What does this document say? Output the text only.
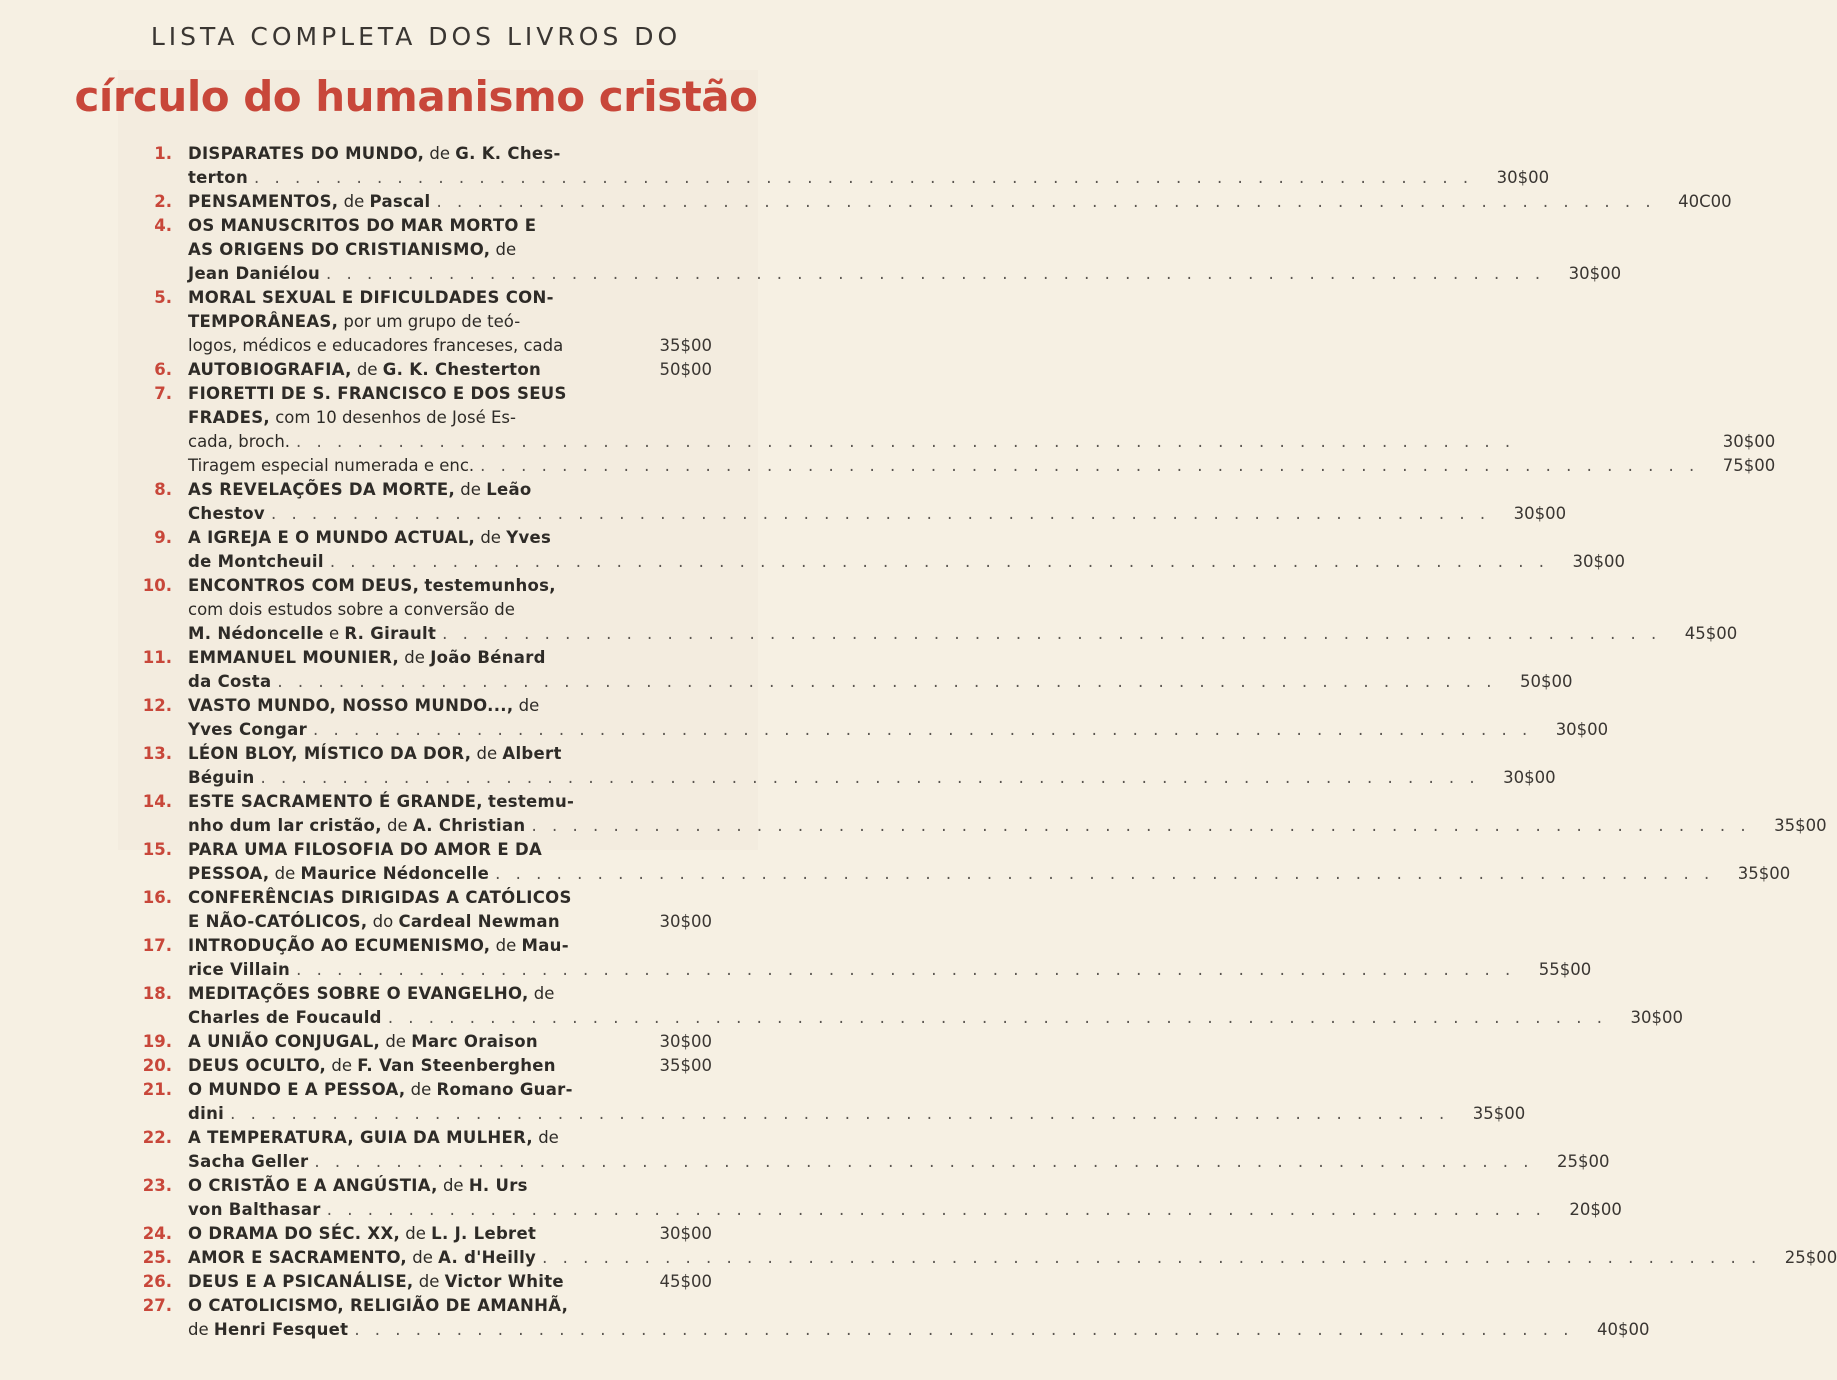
LISTA COMPLETA DOS LIVROS DO
círculo do humanismo cristão
1. DISPARATES DO MUNDO, de G. K. Ches-
terton . . . . . . . . . . . . . . . . . . . . . . . . . . . . . . . . . . . . . . . . . . . . . . . . . . . . . . . . . . . .	30$00
2. PENSAMENTOS, de Pascal . . . . . . . . . . . . . . . . . . . . . . . . . . . . . . . . . . . . . . . . . . . . . . . . . . . . . . . . . . . .	40C00
4. OS MANUSCRITOS DO MAR MORTO E
AS ORIGENS DO CRISTIANISMO, de
Jean Daniélou . . . . . . . . . . . . . . . . . . . . . . . . . . . . . . . . . . . . . . . . . . . . . . . . . . . . . . . . . . . .	30$00
5. MORAL SEXUAL E DIFICULDADES CON-
TEMPORÂNEAS, por um grupo de teó-
logos, médicos e educadores franceses, cada	35$00
6. AUTOBIOGRAFIA, de G. K. Chesterton	50$00
7. FIORETTI DE S. FRANCISCO E DOS SEUS
FRADES, com 10 desenhos de José Es-
cada, broch. . . . . . . . . . . . . . . . . . . . . . . . . . . . . . . . . . . . . . . . . . . . . . . . . . . . . . . . . . . . .	30$00
Tiragem especial numerada e enc. . . . . . . . . . . . . . . . . . . . . . . . . . . . . . . . . . . . . . . . . . . . . . . . . . . . . . . . . . . . .	75$00
8. AS REVELAÇÕES DA MORTE, de Leão
Chestov . . . . . . . . . . . . . . . . . . . . . . . . . . . . . . . . . . . . . . . . . . . . . . . . . . . . . . . . . . . .	30$00
9. A IGREJA E O MUNDO ACTUAL, de Yves
de Montcheuil . . . . . . . . . . . . . . . . . . . . . . . . . . . . . . . . . . . . . . . . . . . . . . . . . . . . . . . . . . . .	30$00
10. ENCONTROS COM DEUS, testemunhos,
com dois estudos sobre a conversão de
M. Nédoncelle e R. Girault . . . . . . . . . . . . . . . . . . . . . . . . . . . . . . . . . . . . . . . . . . . . . . . . . . . . . . . . . . . .	45$00
11. EMMANUEL MOUNIER, de João Bénard
da Costa . . . . . . . . . . . . . . . . . . . . . . . . . . . . . . . . . . . . . . . . . . . . . . . . . . . . . . . . . . . .	50$00
12. VASTO MUNDO, NOSSO MUNDO..., de
Yves Congar . . . . . . . . . . . . . . . . . . . . . . . . . . . . . . . . . . . . . . . . . . . . . . . . . . . . . . . . . . . .	30$00
13. LÉON BLOY, MÍSTICO DA DOR, de Albert
Béguin . . . . . . . . . . . . . . . . . . . . . . . . . . . . . . . . . . . . . . . . . . . . . . . . . . . . . . . . . . . .	30$00
14. ESTE SACRAMENTO É GRANDE, testemu-
nho dum lar cristão, de A. Christian . . . . . . . . . . . . . . . . . . . . . . . . . . . . . . . . . . . . . . . . . . . . . . . . . . . . . . . . . . . .	35$00
15. PARA UMA FILOSOFIA DO AMOR E DA
PESSOA, de Maurice Nédoncelle . . . . . . . . . . . . . . . . . . . . . . . . . . . . . . . . . . . . . . . . . . . . . . . . . . . . . . . . . . . .	35$00
16. CONFERÊNCIAS DIRIGIDAS A CATÓLICOS
E NÃO-CATÓLICOS, do Cardeal Newman	30$00
17. INTRODUÇÃO AO ECUMENISMO, de Mau-
rice Villain . . . . . . . . . . . . . . . . . . . . . . . . . . . . . . . . . . . . . . . . . . . . . . . . . . . . . . . . . . . .	55$00
18. MEDITAÇÕES SOBRE O EVANGELHO, de
Charles de Foucauld . . . . . . . . . . . . . . . . . . . . . . . . . . . . . . . . . . . . . . . . . . . . . . . . . . . . . . . . . . . .	30$00
19. A UNIÃO CONJUGAL, de Marc Oraison	30$00
20. DEUS OCULTO, de F. Van Steenberghen	35$00
21. O MUNDO E A PESSOA, de Romano Guar-
dini . . . . . . . . . . . . . . . . . . . . . . . . . . . . . . . . . . . . . . . . . . . . . . . . . . . . . . . . . . . .	35$00
22. A TEMPERATURA, GUIA DA MULHER, de
Sacha Geller . . . . . . . . . . . . . . . . . . . . . . . . . . . . . . . . . . . . . . . . . . . . . . . . . . . . . . . . . . . .	25$00
23. O CRISTÃO E A ANGÚSTIA, de H. Urs
von Balthasar . . . . . . . . . . . . . . . . . . . . . . . . . . . . . . . . . . . . . . . . . . . . . . . . . . . . . . . . . . . .	20$00
24. O DRAMA DO SÉC. XX, de L. J. Lebret	30$00
25. AMOR E SACRAMENTO, de A. d'Heilly . . . . . . . . . . . . . . . . . . . . . . . . . . . . . . . . . . . . . . . . . . . . . . . . . . . . . . . . . . . .	25$00
26. DEUS E A PSICANÁLISE, de Victor White	45$00
27. O CATOLICISMO, RELIGIÃO DE AMANHÃ,
de Henri Fesquet . . . . . . . . . . . . . . . . . . . . . . . . . . . . . . . . . . . . . . . . . . . . . . . . . . . . . . . . . . . .	40$00
